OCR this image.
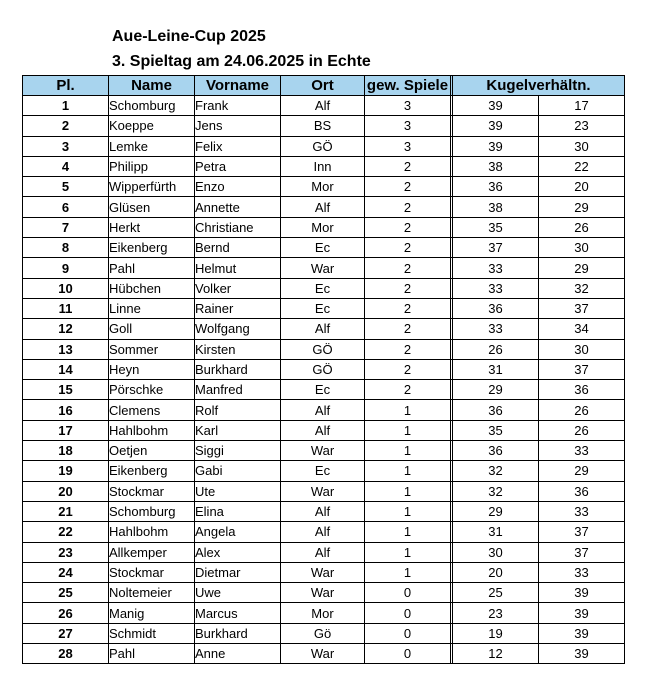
Aue-Leine-Cup 2025
3. Spieltag am 24.06.2025 in Echte
Pl.	Name	Vorname	Ort	gew. Spiele		Kugelverhältn.	
1	Schomburg	Frank	Alf	3		39	17
2	Koeppe	Jens	BS	3		39	23
3	Lemke	Felix	GÖ	3		39	30
4	Philipp	Petra	Inn	2		38	22
5	Wipperfürth	Enzo	Mor	2		36	20
6	Glüsen	Annette	Alf	2		38	29
7	Herkt	Christiane	Mor	2		35	26
8	Eikenberg	Bernd	Ec	2		37	30
9	Pahl	Helmut	War	2		33	29
10	Hübchen	Volker	Ec	2		33	32
11	Linne	Rainer	Ec	2		36	37
12	Goll	Wolfgang	Alf	2		33	34
13	Sommer	Kirsten	GÖ	2		26	30
14	Heyn	Burkhard	GÖ	2		31	37
15	Pörschke	Manfred	Ec	2		29	36
16	Clemens	Rolf	Alf	1		36	26
17	Hahlbohm	Karl	Alf	1		35	26
18	Oetjen	Siggi	War	1		36	33
19	Eikenberg	Gabi	Ec	1		32	29
20	Stockmar	Ute	War	1		32	36
21	Schomburg	Elina	Alf	1		29	33
22	Hahlbohm	Angela	Alf	1		31	37
23	Allkemper	Alex	Alf	1		30	37
24	Stockmar	Dietmar	War	1		20	33
25	Noltemeier	Uwe	War	0		25	39
26	Manig	Marcus	Mor	0		23	39
27	Schmidt	Burkhard	Gö	0		19	39
28	Pahl	Anne	War	0		12	39
